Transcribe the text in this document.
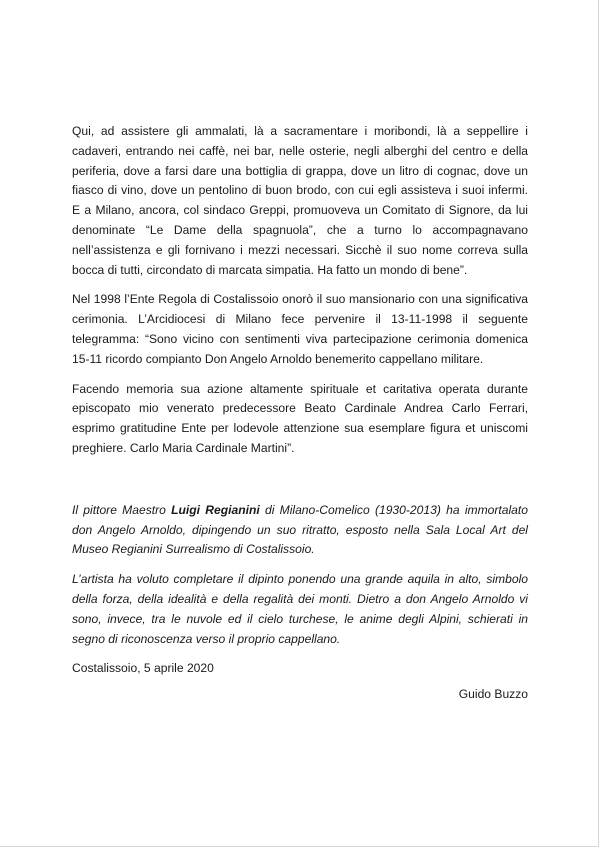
Qui, ad assistere gli ammalati, là a sacramentare i moribondi, là a seppellire i cadaveri, entrando nei caffè, nei bar, nelle osterie, negli alberghi del centro e della periferia, dove a farsi dare una bottiglia di grappa, dove un litro di cognac, dove un fiasco di vino, dove un pentolino di buon brodo, con cui egli assisteva i suoi infermi. E a Milano, ancora, col sindaco Greppi, promuoveva un Comitato di Signore, da lui denominate “Le Dame della spagnuola”, che a turno lo accompagnavano nell’assistenza e gli fornivano i mezzi necessari. Sicchè il suo nome correva sulla bocca di tutti, circondato di marcata simpatia. Ha fatto un mondo di bene”.

Nel 1998 l’Ente Regola di Costalissoio onorò il suo mansionario con una significativa cerimonia. L’Arcidiocesi di Milano fece pervenire il 13-11-1998 il seguente telegramma: “Sono vicino con sentimenti viva partecipazione cerimonia domenica 15-11 ricordo compianto Don Angelo Arnoldo benemerito cappellano militare.

Facendo memoria sua azione altamente spirituale et caritativa operata durante episcopato mio venerato predecessore Beato Cardinale Andrea Carlo Ferrari, esprimo gratitudine Ente per lodevole attenzione sua esemplare figura et uniscomi preghiere. Carlo Maria Cardinale Martini”.

Il pittore Maestro Luigi Regianini di Milano-Comelico (1930-2013) ha immortalato don Angelo Arnoldo, dipingendo un suo ritratto, esposto nella Sala Local Art del Museo Regianini Surrealismo di Costalissoio.

L’artista ha voluto completare il dipinto ponendo una grande aquila in alto, simbolo della forza, della idealità e della regalità dei monti. Dietro a don Angelo Arnoldo vi sono, invece, tra le nuvole ed il cielo turchese, le anime degli Alpini, schierati in segno di riconoscenza verso il proprio cappellano.

Costalissoio, 5 aprile 2020

Guido Buzzo
